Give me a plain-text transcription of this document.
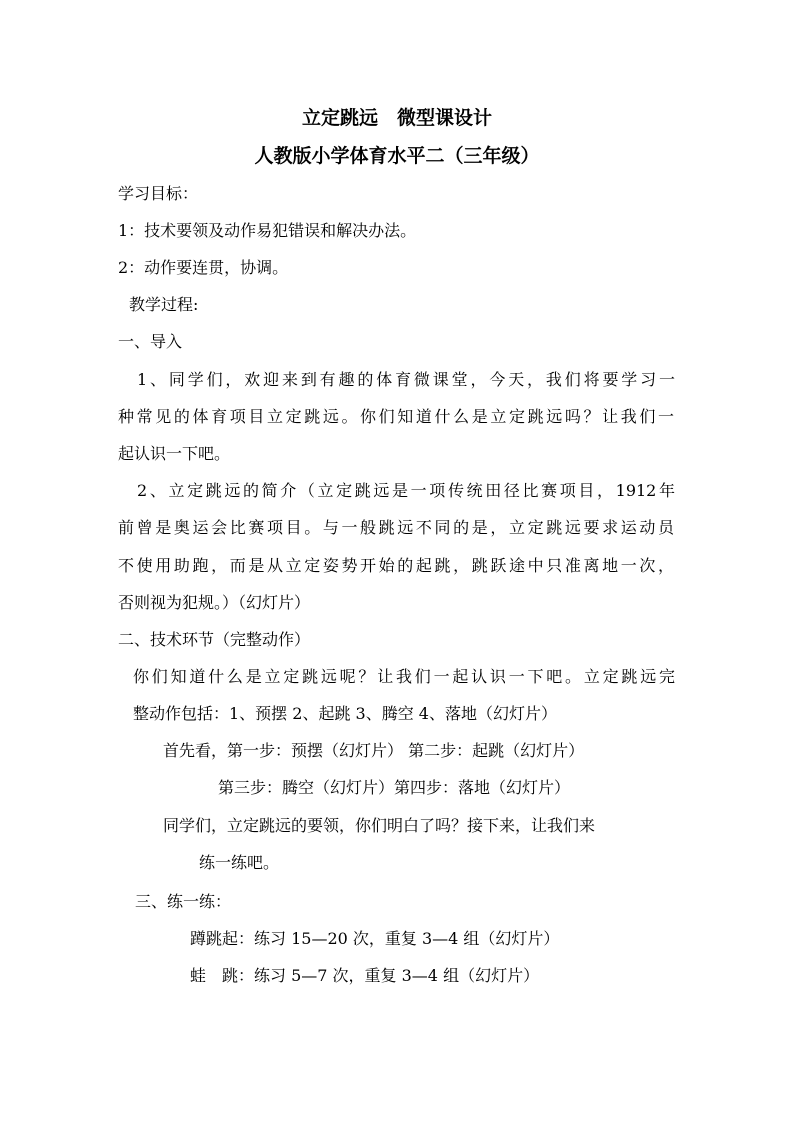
立定跳远　微型课设计
人教版小学体育水平二（三年级）
学习目标：
1：技术要领及动作易犯错误和解决办法。
2：动作要连贯，协调。
教学过程:
一、导入
1、同学们，欢迎来到有趣的体育微课堂，今天，我们将要学习一
种常见的体育项目立定跳远。你们知道什么是立定跳远吗？让我们一
起认识一下吧。
2、立定跳远的简介（立定跳远是一项传统田径比赛项目，1912年
前曾是奥运会比赛项目。与一般跳远不同的是，立定跳远要求运动员
不使用助跑，而是从立定姿势开始的起跳，跳跃途中只准离地一次，
否则视为犯规。）（幻灯片）
二、技术环节（完整动作）
你们知道什么是立定跳远呢？让我们一起认识一下吧。立定跳远完
整动作包括：1、预摆 2、起跳 3、腾空 4、落地（幻灯片）
首先看，第一步：预摆（幻灯片） 第二步：起跳（幻灯片）
第三步：腾空（幻灯片）第四步：落地（幻灯片）
同学们，立定跳远的要领，你们明白了吗？接下来，让我们来
练一练吧。
三、练一练：
蹲跳起：练习 15—20 次，重复 3—4 组（幻灯片）
蛙　跳：练习 5—7 次，重复 3—4 组（幻灯片）
